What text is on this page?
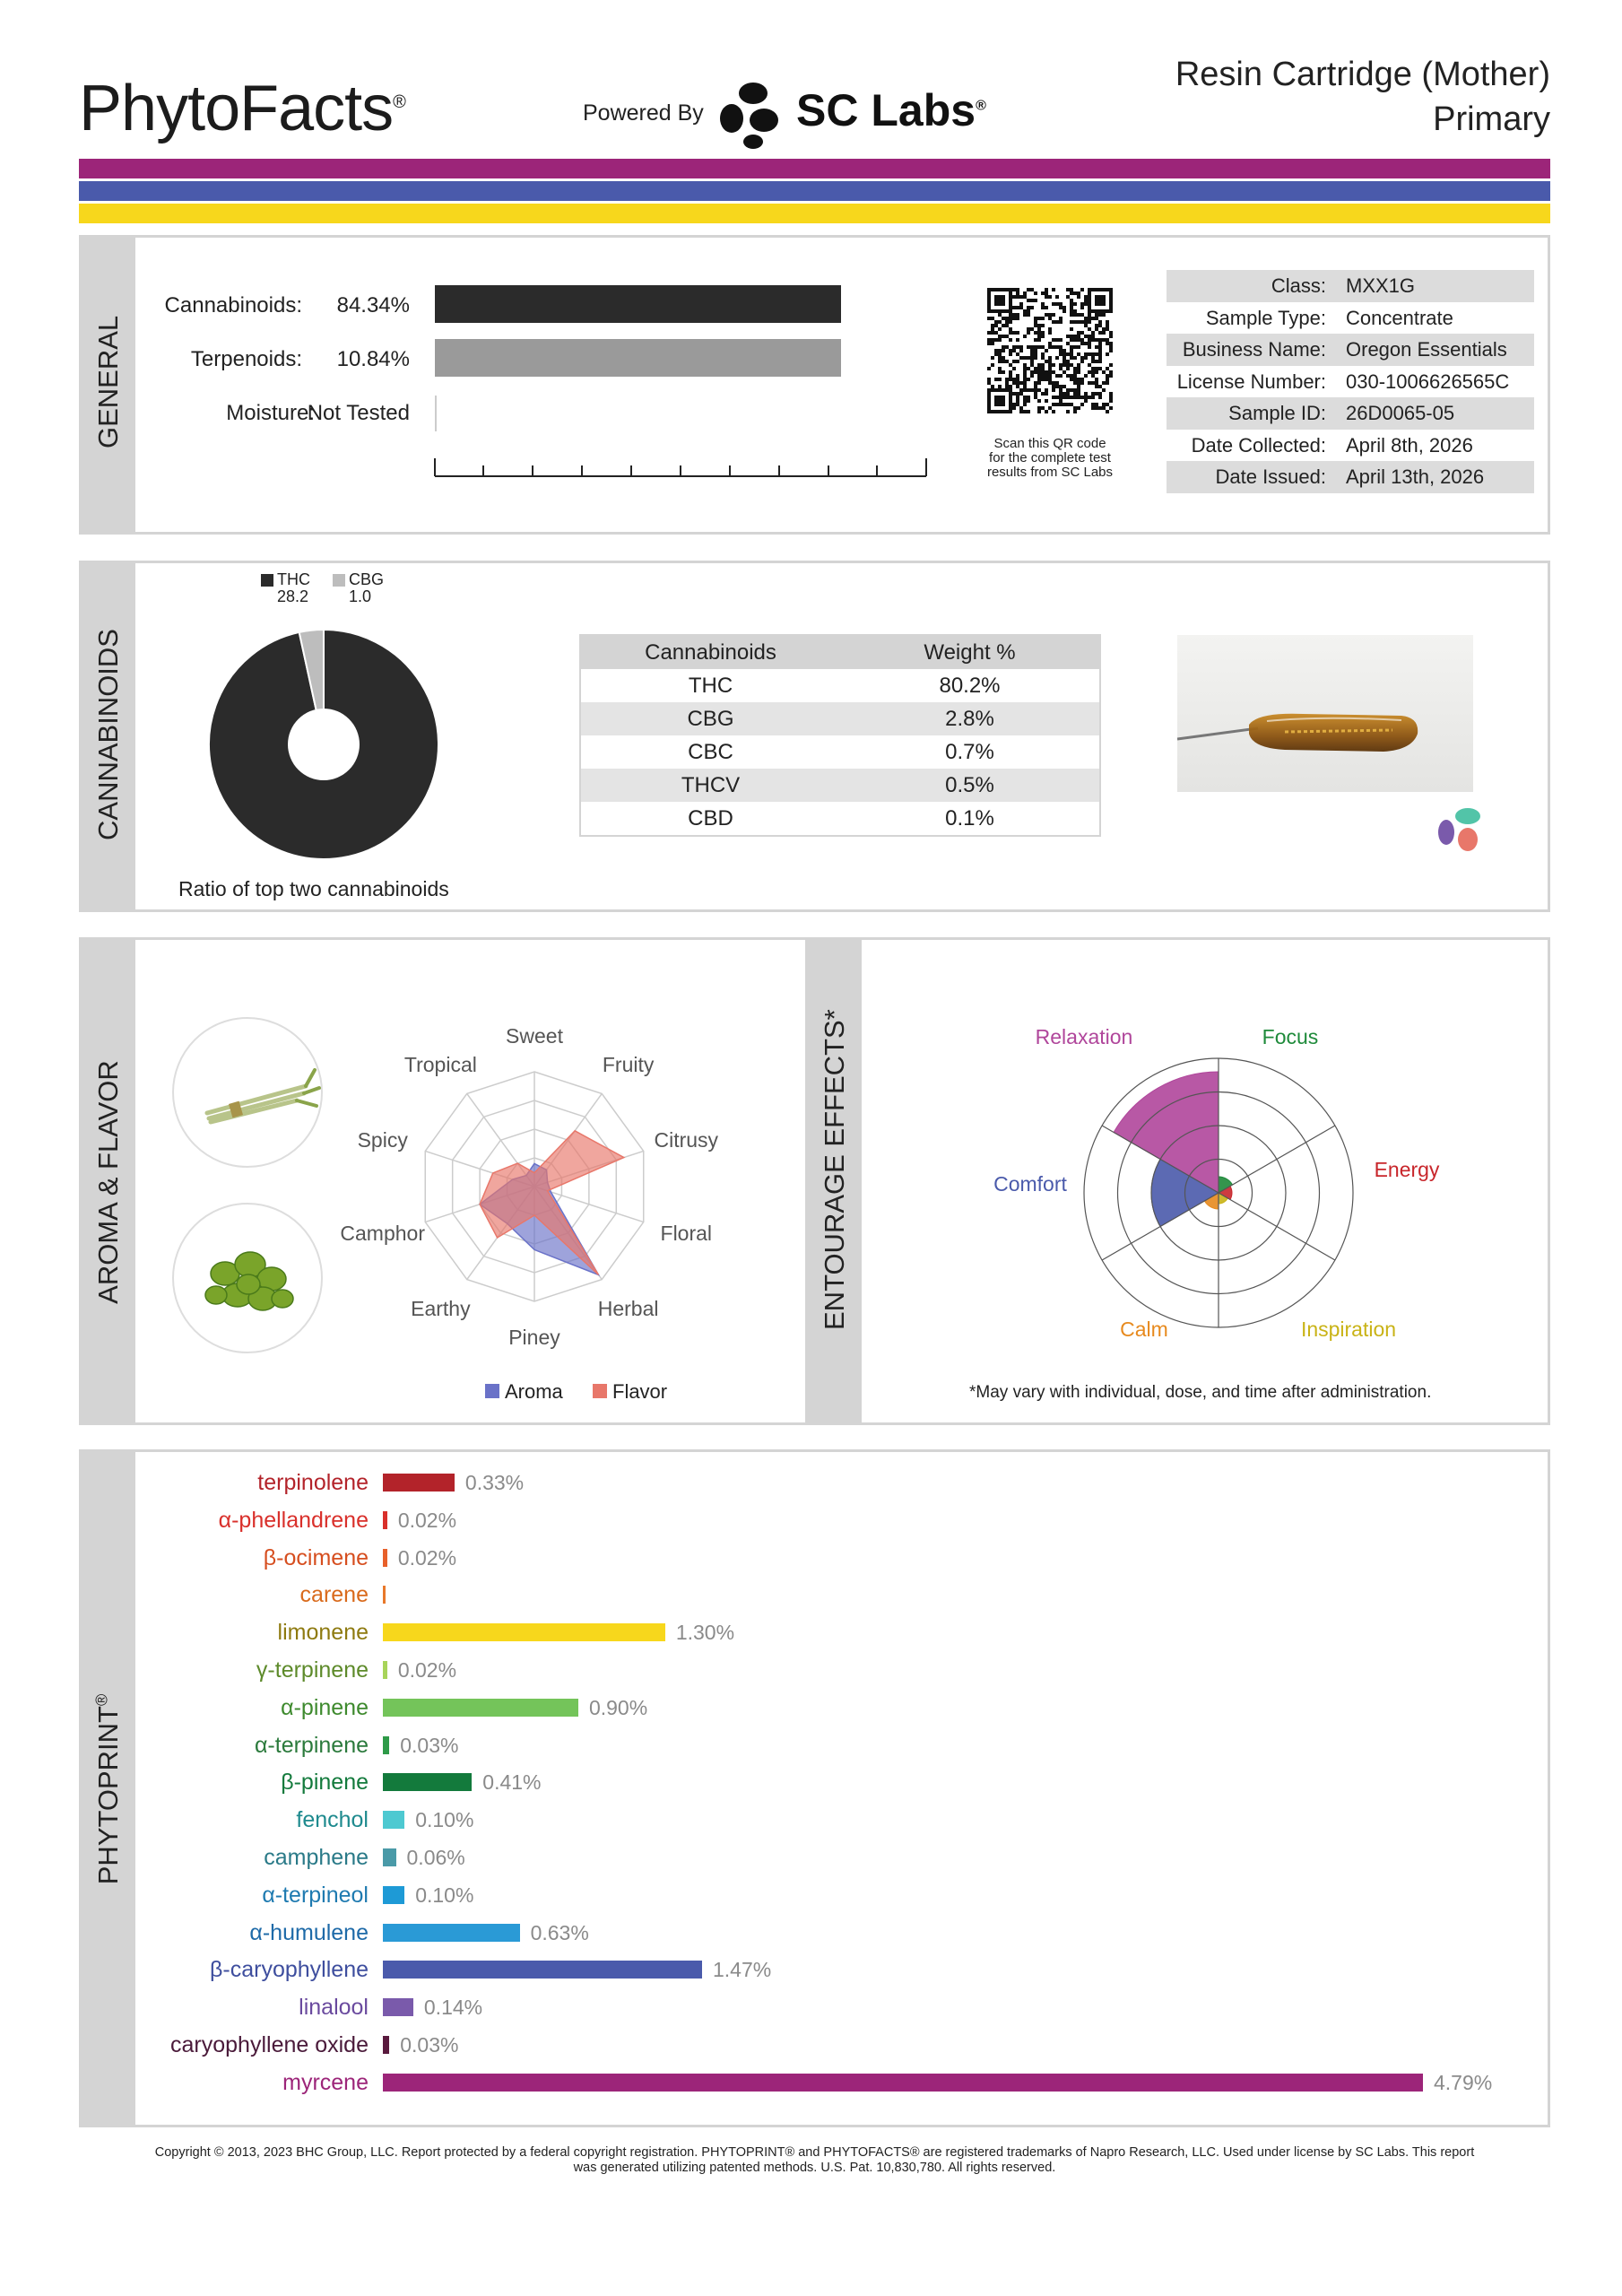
PhytoFacts®	Powered By SC Labs®
Resin Cartridge (Mother)
Primary
GENERAL
Cannabinoids:	84.34%
Terpenoids:	10.84%
Moisture:
Not Tested
Scan this QR code
for the complete test
results from SC Labs
Class: MXX1G
Sample Type: Concentrate
Business Name: Oregon Essentials
License Number: 030-1006626565C
Sample ID: 26D0065-05
Date Collected: April 8th, 2026
Date Issued: April 13th, 2026
CANNABINOIDS
THC
28.2
CBG
1.0
Ratio of top two cannabinoids
Cannabinoids	Weight %
THC	80.2%
CBG	2.8%
CBC	0.7%
THCV	0.5%
CBD	0.1%
AROMA & FLAVOR
Sweet
Fruity
Citrusy
Floral
Herbal
Piney
Earthy
Camphor
Spicy
Tropical
Aroma	Flavor
ENTOURAGE EFFECTS*	Relaxation	Focus
Energy
Inspiration
Calm
Comfort
*May vary with individual, dose, and time after administration.
PHYTOPRINT®
terpinolene	0.33%
α-phellandrene 0.02%
β-ocimene 0.02%
carene
limonene	1.30%
γ-terpinene 0.02%
α-pinene	0.90%
α-terpinene 0.03%
β-pinene	0.41%
fenchol 0.10%
camphene 0.06%
α-terpineol 0.10%
α-humulene	0.63%
β-caryophyllene	1.47%
linalool	0.14%
caryophyllene oxide 0.03%
myrcene	4.79%
Copyright © 2013, 2023 BHC Group, LLC. Report protected by a federal copyright registration. PHYTOPRINT® and PHYTOFACTS® are registered trademarks of Napro Research, LLC. Used under license by SC Labs. This report
was generated utilizing patented methods. U.S. Pat. 10,830,780. All rights reserved.
